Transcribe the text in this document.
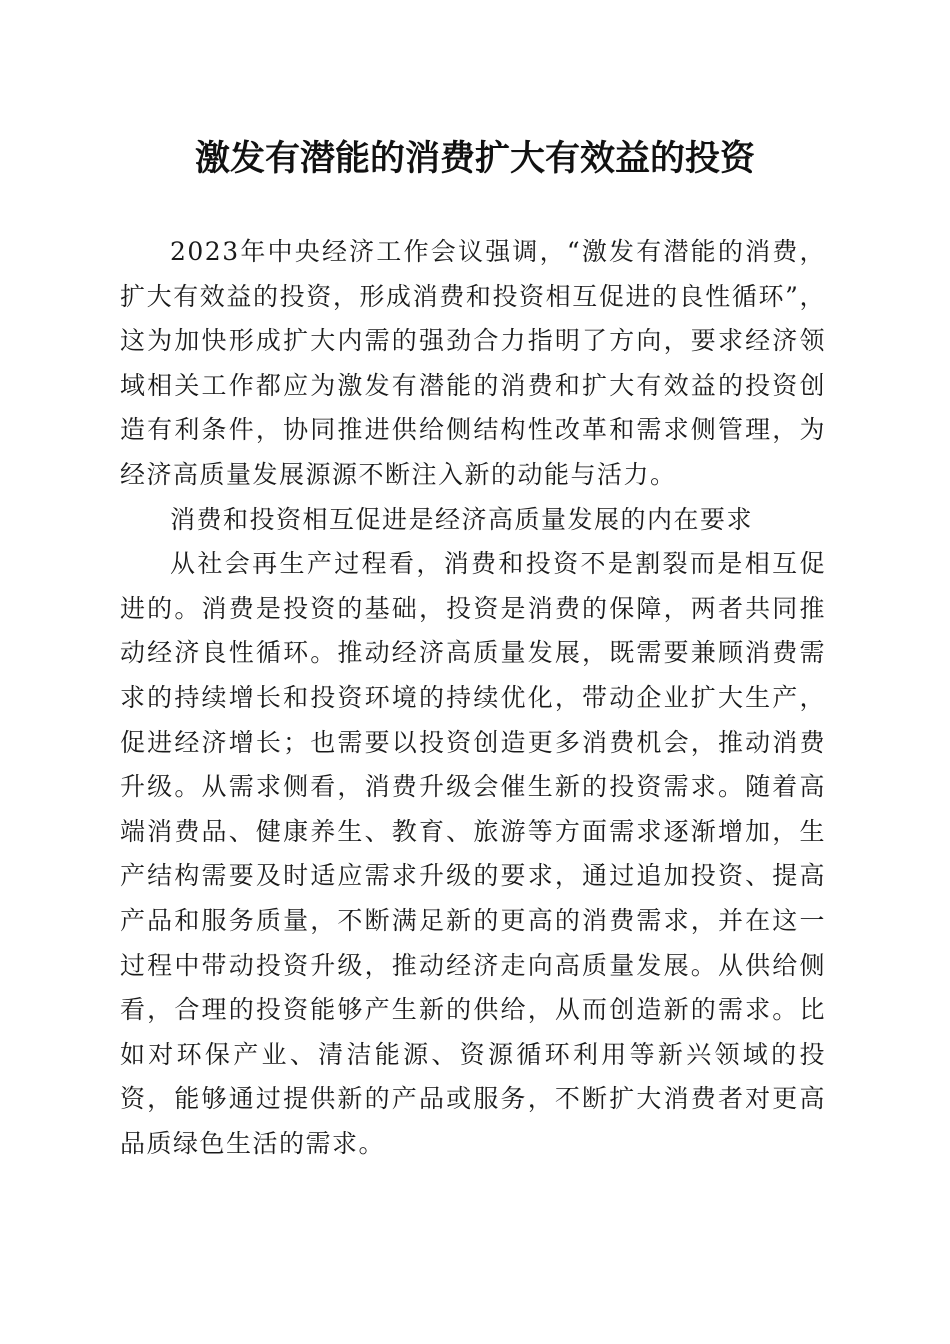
激发有潜能的消费扩大有效益的投资

2023年中央经济工作会议强调，“激发有潜能的消费，扩大有效益的投资，形成消费和投资相互促进的良性循环”，这为加快形成扩大内需的强劲合力指明了方向，要求经济领域相关工作都应为激发有潜能的消费和扩大有效益的投资创造有利条件，协同推进供给侧结构性改革和需求侧管理，为经济高质量发展源源不断注入新的动能与活力。

消费和投资相互促进是经济高质量发展的内在要求

从社会再生产过程看，消费和投资不是割裂而是相互促进的。消费是投资的基础，投资是消费的保障，两者共同推动经济良性循环。推动经济高质量发展，既需要兼顾消费需求的持续增长和投资环境的持续优化，带动企业扩大生产，促进经济增长；也需要以投资创造更多消费机会，推动消费升级。从需求侧看，消费升级会催生新的投资需求。随着高端消费品、健康养生、教育、旅游等方面需求逐渐增加，生产结构需要及时适应需求升级的要求，通过追加投资、提高产品和服务质量，不断满足新的更高的消费需求，并在这一过程中带动投资升级，推动经济走向高质量发展。从供给侧看，合理的投资能够产生新的供给，从而创造新的需求。比如对环保产业、清洁能源、资源循环利用等新兴领域的投资，能够通过提供新的产品或服务，不断扩大消费者对更高品质绿色生活的需求。
